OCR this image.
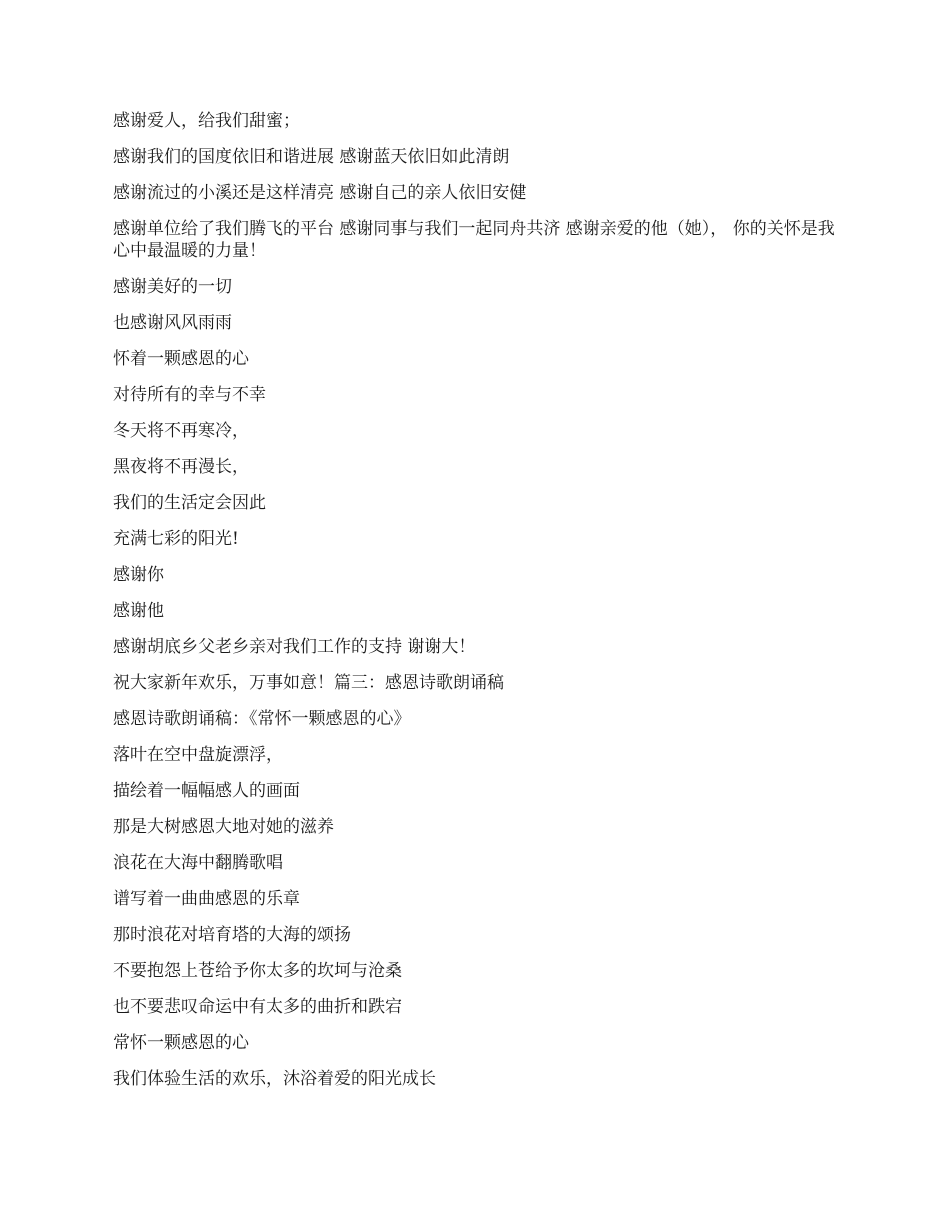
感谢爱人，给我们甜蜜；

感谢我们的国度依旧和谐进展 感谢蓝天依旧如此清朗

感谢流过的小溪还是这样清亮 感谢自己的亲人依旧安健

感谢单位给了我们腾飞的平台 感谢同事与我们一起同舟共济 感谢亲爱的他（她）， 你的关怀是我心中最温暖的力量！

感谢美好的一切

也感谢风风雨雨

怀着一颗感恩的心

对待所有的幸与不幸

冬天将不再寒冷，

黑夜将不再漫长，

我们的生活定会因此

充满七彩的阳光!

感谢你

感谢他

感谢胡底乡父老乡亲对我们工作的支持 谢谢大！

祝大家新年欢乐，万事如意！篇三：感恩诗歌朗诵稿

感恩诗歌朗诵稿：《常怀一颗感恩的心》

落叶在空中盘旋漂浮，

描绘着一幅幅感人的画面

那是大树感恩大地对她的滋养

浪花在大海中翻腾歌唱

谱写着一曲曲感恩的乐章

那时浪花对培育塔的大海的颂扬

不要抱怨上苍给予你太多的坎坷与沧桑

也不要悲叹命运中有太多的曲折和跌宕

常怀一颗感恩的心

我们体验生活的欢乐，沐浴着爱的阳光成长
